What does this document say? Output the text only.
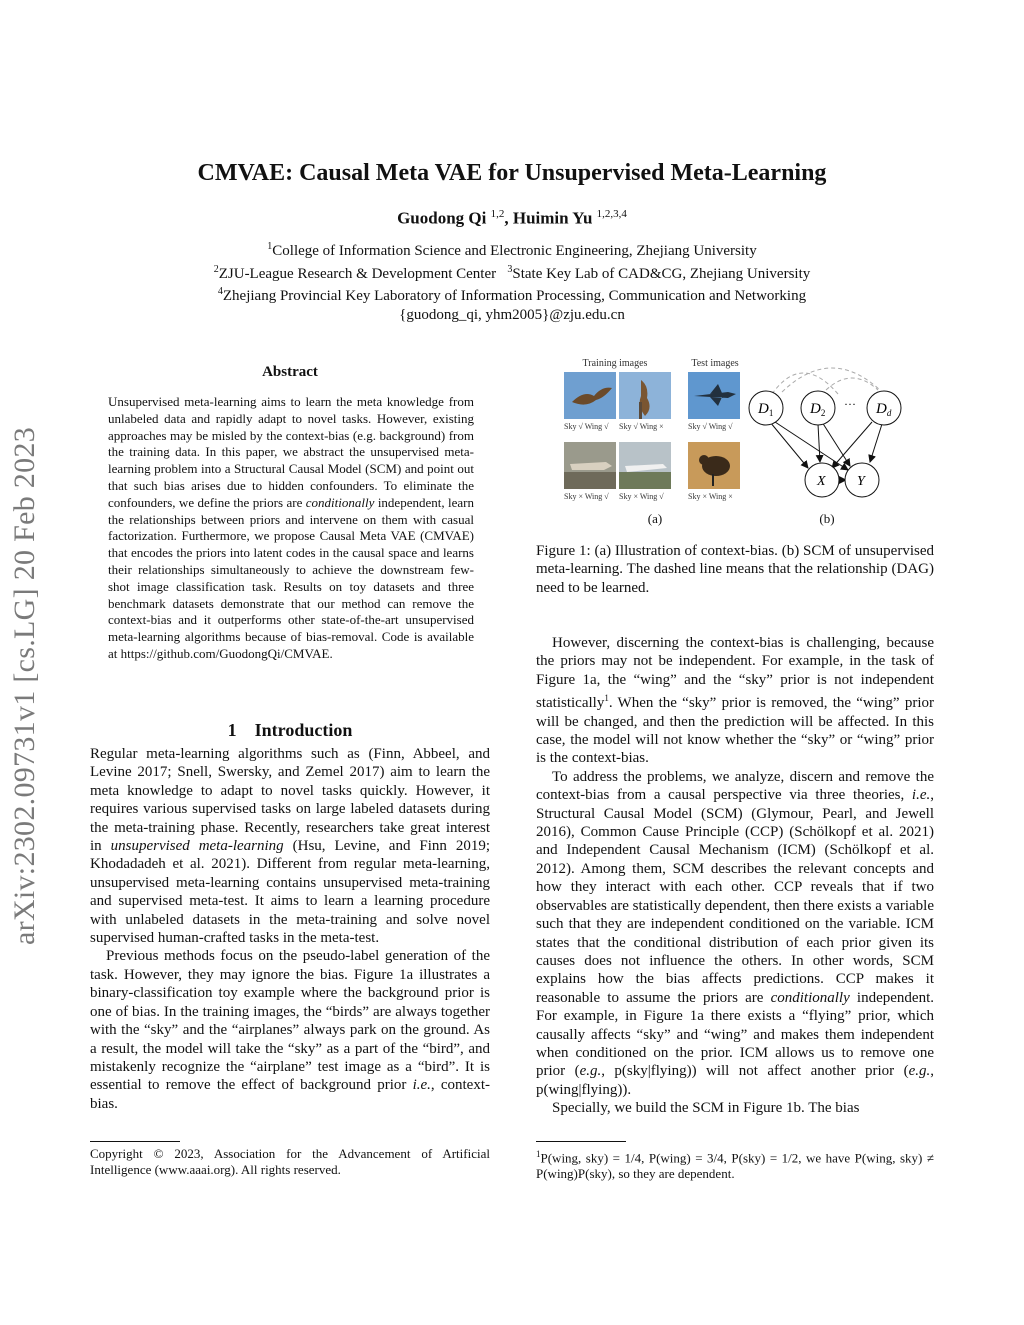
CMVAE: Causal Meta VAE for Unsupervised Meta-Learning
Guodong Qi $^{1,2}$, Huimin Yu $^{1,2,3,4}$
$^1$College of Information Science and Electronic Engineering, Zhejiang University
$^2$ZJU-League Research & Development Center $^3$State Key Lab of CAD&CG, Zhejiang University
$^4$Zhejiang Provincial Key Laboratory of Information Processing, Communication and Networking
{guodong_qi, yhm2005}@zju.edu.cn
arXiv:2302.09731v1 [cs.LG] 20 Feb 2023
Abstract
Unsupervised meta-learning aims to learn the meta knowledge from unlabeled data and rapidly adapt to novel tasks. However, existing approaches may be misled by the context-bias (e.g. background) from the training data. In this paper, we abstract the unsupervised meta-learning problem into a Structural Causal Model (SCM) and point out that such bias arises due to hidden confounders. To eliminate the confounders, we define the priors are conditionally independent, learn the relationships between priors and intervene on them with casual factorization. Furthermore, we propose Causal Meta VAE (CMVAE) that encodes the priors into latent codes in the causal space and learns their relationships simultaneously to achieve the downstream few-shot image classification task. Results on toy datasets and three benchmark datasets demonstrate that our method can remove the context-bias and it outperforms other state-of-the-art unsupervised meta-learning algorithms because of bias-removal. Code is available at https://github.com/GuodongQi/CMVAE.
1 Introduction

Regular meta-learning algorithms such as (Finn, Abbeel, and Levine 2017; Snell, Swersky, and Zemel 2017) aim to learn the meta knowledge to adapt to novel tasks quickly. However, it requires various supervised tasks on large labeled datasets during the meta-training phase. Recently, researchers take great interest in unsupervised meta-learning (Hsu, Levine, and Finn 2019; Khodadadeh et al. 2021). Different from regular meta-learning, unsupervised meta-learning contains unsupervised meta-training and supervised meta-test. It aims to learn a learning procedure with unlabeled datasets in the meta-training and solve novel supervised human-crafted tasks in the meta-test.

Previous methods focus on the pseudo-label generation of the task. However, they may ignore the bias. Figure 1a illustrates a binary-classification toy example where the background prior is one of bias. In the training images, the “birds” are always together with the “sky” and the “airplanes” always park on the ground. As a result, the model will take the “sky” as a part of the “bird”, and mistakenly recognize the “airplane” test image as a “bird”. It is essential to remove the effect of background prior i.e., context-bias.

Copyright © 2023, Association for the Advancement of Artificial Intelligence (www.aaai.org). All rights reserved.
Training images	Test images
Sky √ Wing √ Sky √ Wing ×	Sky √ Wing √
Sky × Wing √ Sky × Wing √	Sky × Wing ×
$D_1$ $D_2$
··· $D_d$
X Y
(a)	(b)
Figure 1: (a) Illustration of context-bias. (b) SCM of unsupervised meta-learning. The dashed line means that the relationship (DAG) need to be learned.

However, discerning the context-bias is challenging, because the priors may not be independent. For example, in the task of Figure 1a, the “wing” and the “sky” prior is not independent statistically$^1$. When the “sky” prior is removed, the “wing” prior will be changed, and then the prediction will be affected. In this case, the model will not know whether the “sky” or “wing” prior is the context-bias.

To address the problems, we analyze, discern and remove the context-bias from a causal perspective via three theories, i.e., Structural Causal Model (SCM) (Glymour, Pearl, and Jewell 2016), Common Cause Principle (CCP) (Schölkopf et al. 2021) and Independent Causal Mechanism (ICM) (Schölkopf et al. 2012). Among them, SCM describes the relevant concepts and how they interact with each other. CCP reveals that if two observables are statistically dependent, then there exists a variable such that they are independent conditioned on the variable. ICM states that the conditional distribution of each prior given its causes does not influence the others. In other words, SCM explains how the bias affects predictions. CCP makes it reasonable to assume the priors are conditionally independent. For example, in Figure 1a there exists a “flying” prior, which causally affects “sky” and “wing” and makes them independent when conditioned on the prior. ICM allows us to remove one prior (e.g., p(sky|flying)) will not affect another prior (e.g., p(wing|flying)).

Specially, we build the SCM in Figure 1b. The bias

$^1$P(wing, sky) = 1/4, P(wing) = 3/4, P(sky) = 1/2, we have P(wing, sky) ≠ P(wing)P(sky), so they are dependent.
